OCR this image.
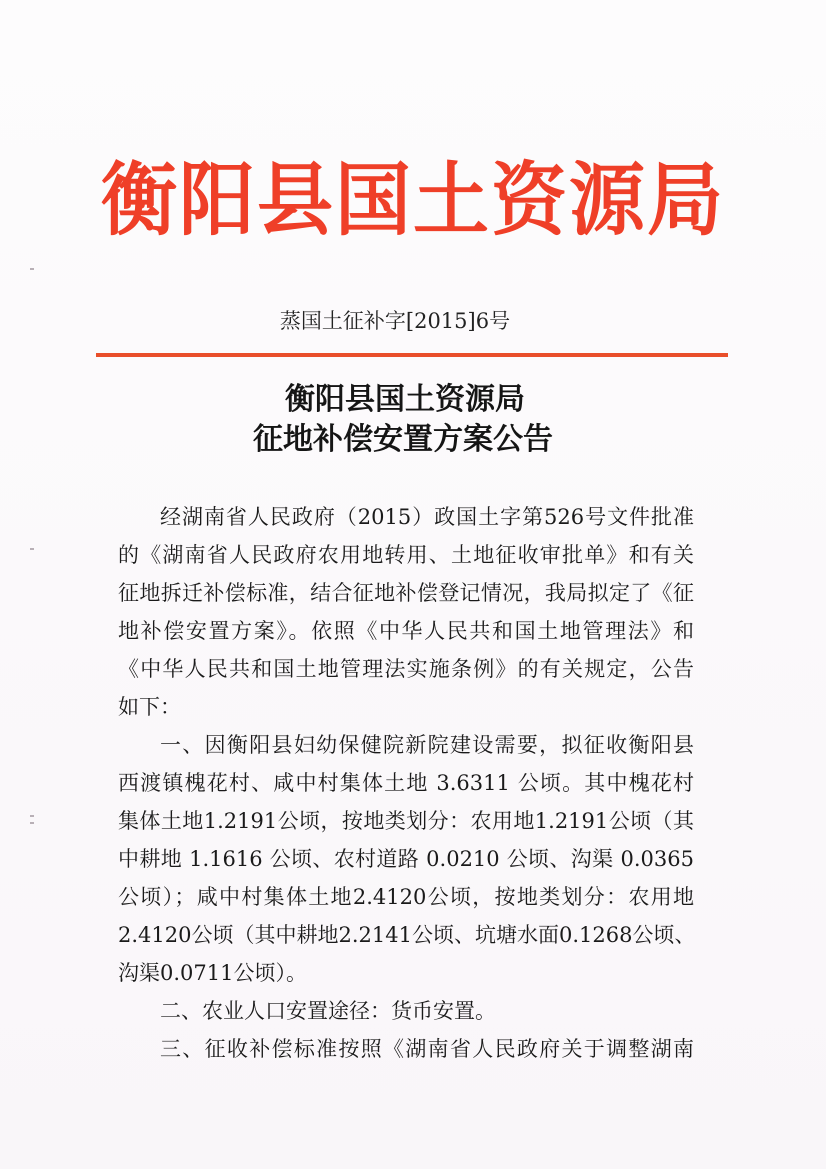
衡阳县国土资源局
蒸国土征补字[2015]6号
衡阳县国土资源局
征地补偿安置方案公告
经湖南省人民政府（2015）政国土字第526号文件批准
的《湖南省人民政府农用地转用、土地征收审批单》和有关
征地拆迁补偿标准，结合征地补偿登记情况，我局拟定了《征
地补偿安置方案》。依照《中华人民共和国土地管理法》和
《中华人民共和国土地管理法实施条例》的有关规定，公告
如下：
一、因衡阳县妇幼保健院新院建设需要，拟征收衡阳县
西渡镇槐花村、咸中村集体土地 3.6311 公顷。其中槐花村
集体土地1.2191公顷，按地类划分：农用地1.2191公顷（其
中耕地 1.1616 公顷、农村道路 0.0210 公顷、沟渠 0.0365
公顷）；咸中村集体土地2.4120公顷，按地类划分：农用地
2.4120公顷（其中耕地2.2141公顷、坑塘水面0.1268公顷、
沟渠0.0711公顷）。
二、农业人口安置途径：货币安置。
三、征收补偿标准按照《湖南省人民政府关于调整湖南
